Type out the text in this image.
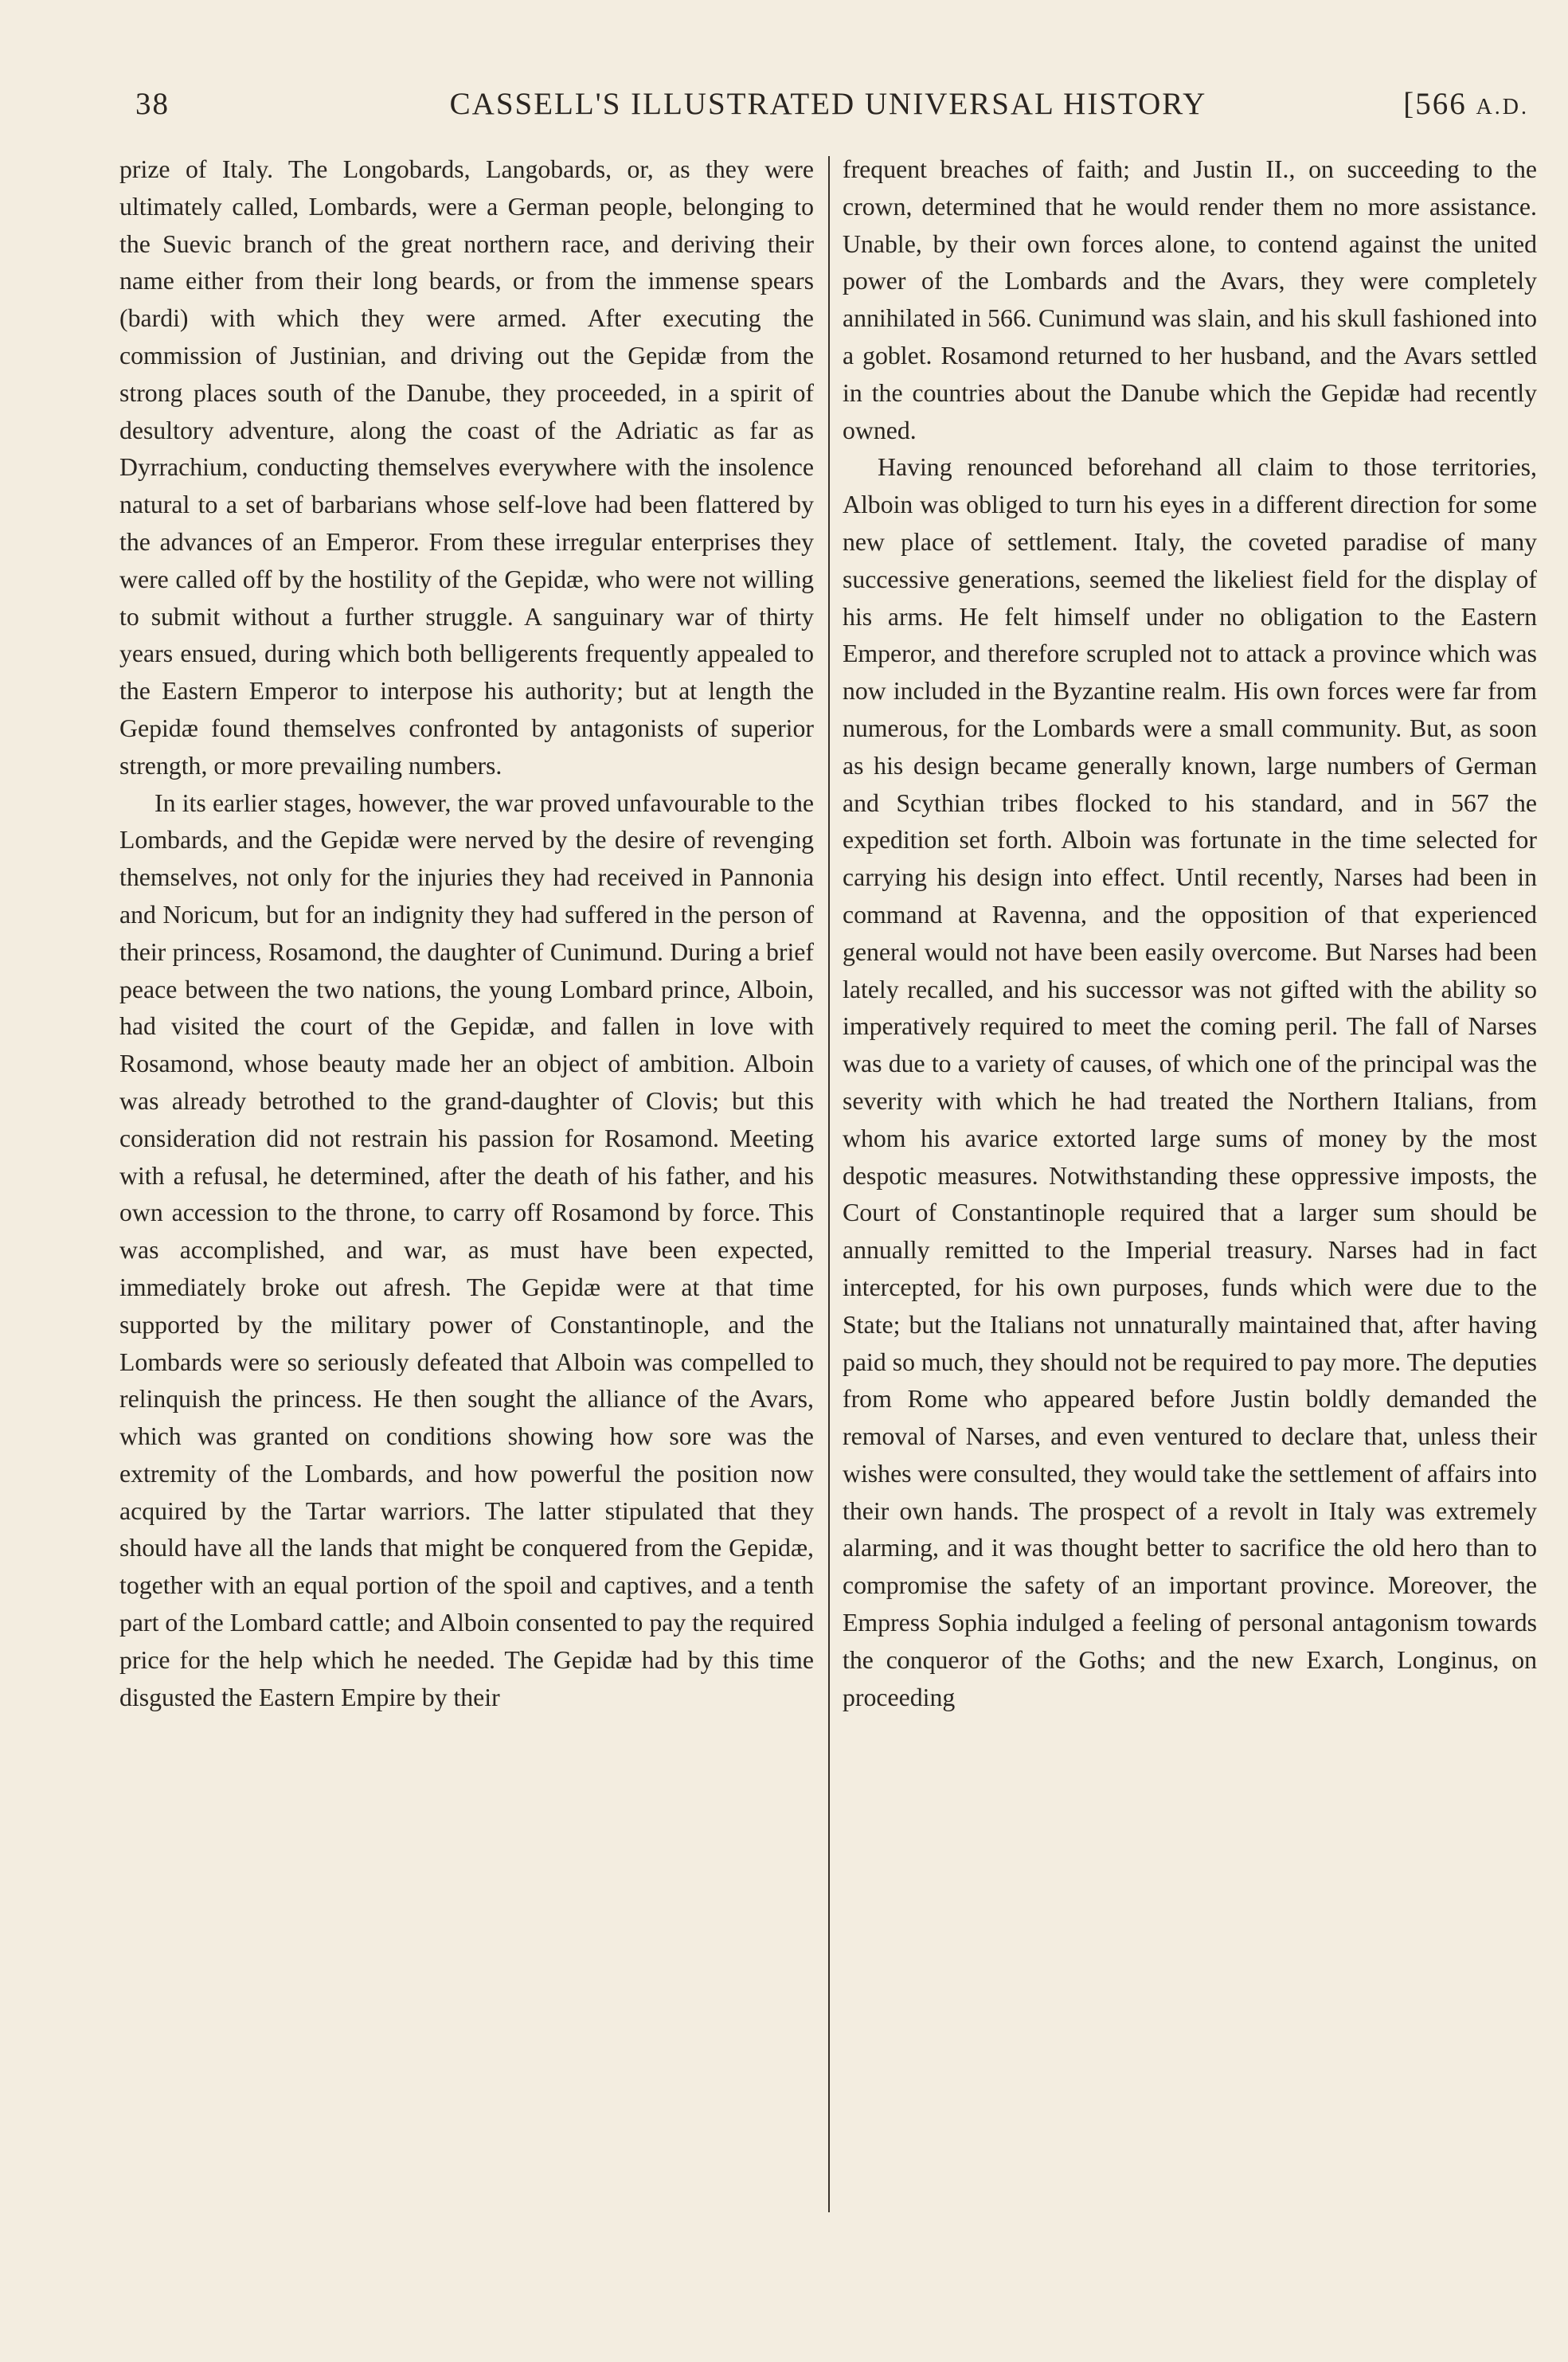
38	CASSELL'S ILLUSTRATED UNIVERSAL HISTORY	[566 A.D.

prize of Italy. The Longobards, Langobards, or, as they were ultimately called, Lombards, were a German people, belonging to the Suevic branch of the great northern race, and deriving their name either from their long beards, or from the immense spears (bardi) with which they were armed. After executing the commission of Justinian, and driving out the Gepidæ from the strong places south of the Danube, they proceeded, in a spirit of desultory adventure, along the coast of the Adriatic as far as Dyrrachium, conducting themselves everywhere with the insolence natural to a set of barbarians whose self-love had been flattered by the advances of an Emperor. From these irregular enterprises they were called off by the hostility of the Gepidæ, who were not willing to submit without a further struggle. A sanguinary war of thirty years ensued, during which both belligerents frequently appealed to the Eastern Emperor to interpose his authority; but at length the Gepidæ found themselves confronted by antagonists of superior strength, or more prevailing numbers.

In its earlier stages, however, the war proved unfavourable to the Lombards, and the Gepidæ were nerved by the desire of revenging themselves, not only for the injuries they had received in Pannonia and Noricum, but for an indignity they had suffered in the person of their princess, Rosamond, the daughter of Cunimund. During a brief peace between the two nations, the young Lombard prince, Alboin, had visited the court of the Gepidæ, and fallen in love with Rosamond, whose beauty made her an object of ambition. Alboin was already betrothed to the grand-daughter of Clovis; but this consideration did not restrain his passion for Rosamond. Meeting with a refusal, he determined, after the death of his father, and his own accession to the throne, to carry off Rosamond by force. This was accomplished, and war, as must have been expected, immediately broke out afresh. The Gepidæ were at that time supported by the military power of Constantinople, and the Lombards were so seriously defeated that Alboin was compelled to relinquish the princess. He then sought the alliance of the Avars, which was granted on conditions showing how sore was the extremity of the Lombards, and how powerful the position now acquired by the Tartar warriors. The latter stipulated that they should have all the lands that might be conquered from the Gepidæ, together with an equal portion of the spoil and captives, and a tenth part of the Lombard cattle; and Alboin consented to pay the required price for the help which he needed. The Gepidæ had by this time disgusted the Eastern Empire by their

frequent breaches of faith; and Justin II., on succeeding to the crown, determined that he would render them no more assistance. Unable, by their own forces alone, to contend against the united power of the Lombards and the Avars, they were completely annihilated in 566. Cunimund was slain, and his skull fashioned into a goblet. Rosamond returned to her husband, and the Avars settled in the countries about the Danube which the Gepidæ had recently owned.

Having renounced beforehand all claim to those territories, Alboin was obliged to turn his eyes in a different direction for some new place of settlement. Italy, the coveted paradise of many successive generations, seemed the likeliest field for the display of his arms. He felt himself under no obligation to the Eastern Emperor, and therefore scrupled not to attack a province which was now included in the Byzantine realm. His own forces were far from numerous, for the Lombards were a small community. But, as soon as his design became generally known, large numbers of German and Scythian tribes flocked to his standard, and in 567 the expedition set forth. Alboin was fortunate in the time selected for carrying his design into effect. Until recently, Narses had been in command at Ravenna, and the opposition of that experienced general would not have been easily overcome. But Narses had been lately recalled, and his successor was not gifted with the ability so imperatively required to meet the coming peril. The fall of Narses was due to a variety of causes, of which one of the principal was the severity with which he had treated the Northern Italians, from whom his avarice extorted large sums of money by the most despotic measures. Notwithstanding these oppressive imposts, the Court of Constantinople required that a larger sum should be annually remitted to the Imperial treasury. Narses had in fact intercepted, for his own purposes, funds which were due to the State; but the Italians not unnaturally maintained that, after having paid so much, they should not be required to pay more. The deputies from Rome who appeared before Justin boldly demanded the removal of Narses, and even ventured to declare that, unless their wishes were consulted, they would take the settlement of affairs into their own hands. The prospect of a revolt in Italy was extremely alarming, and it was thought better to sacrifice the old hero than to compromise the safety of an important province. Moreover, the Empress Sophia indulged a feeling of personal antagonism towards the conqueror of the Goths; and the new Exarch, Longinus, on proceeding
